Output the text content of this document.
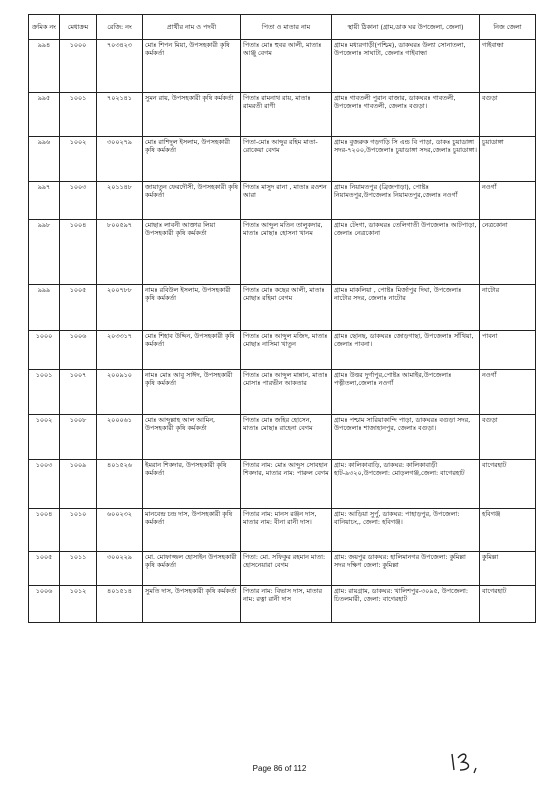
ক্রমিক নং	মেধাক্রম	রেজি: নং	প্রার্থীর নাম ও পদবী	পিতা ও মাতার নাম	স্থায়ী ঠিকানা (গ্রাম,ডাক ঘর উপজেলা, জেলা)	নিজ জেলা
৯৯৪	১০০০	৭০৩৪২৩	মোঃ শিপন মিয়া, উপসহকারী কৃষি কর্মকর্তা	পিতাঃ মোঃ হুবর আলী, মাতাঃ আঞ্জু বেগম	গ্রামঃ মধ্যরগাড়ী(পশ্চিম), ডাকঘরঃ উল্যা সোনাতলা, উপজেলাঃ সাঘাটা, জেলাঃ গাইবান্ধা	গাইবান্ধা
৯৯৫	১০০১	৭০২১৪১	সুমন রায়, উপসহকারী কৃষি কর্মকর্তা	পিতাঃ রামনাথ রায়, মাতাঃ রামরতী রাণী	গ্রামঃ গাবতলী পুরান বাজার, ডাকঘরঃ গাবতলী, উপজেলাঃ গাবতলী, জেলাঃ বগুড়া।	বগুড়া
৯৯৬	১০০২	৩০০২৭৯	মোঃ রাশিদুল ইসলাম, উপসহকারী কৃষি কর্মকর্তা	পিতা-মোঃ আব্দুর রহিম মাতা-রোকেয়া বেগম	গ্রামঃ বুজরুক গড়গড়ি সি এন্ড বি পাড়া, ডাকঃ চুয়াডাঙ্গা সদর-৭২০০,উপজেলাঃ চুয়াডাঙ্গা সদর,জেলাঃ চুয়াডাঙ্গা।	চুয়াডাঙ্গা
৯৯৭	১০০৩	২০১১৪৮	জায়াতুন ফেরদৌসী, উপসহকারী কৃষি কর্মকর্তা	পিতাঃ মাসুদ রানা , মাতাঃ রওশন আরা	গ্রামঃ নিয়ামতপুর (ব্রিজপাড়া), পোষ্টঃ নিয়ামতপুর,উপজেলাঃ নিয়ামতপুর,জেলাঃ নওগাঁ	নওগাঁ
৯৯৮	১০০৪	৮০০৫৯৭	মোছাঃ লাবনী আক্তার লিয়া উপসহকারী কৃষি কর্মকর্তা	পিতাঃ আব্দুল মতিন তালুকদার, মাতাঃ মোছাঃ হোসনা খানম	গ্রামঃ টেংগা, ডাকঘরঃ তেলিগাতী উপজেলাঃ আটপাড়া, জেলাঃ নেত্রকোনা	নেত্রকোনা
৯৯৯	১০০৫	২০০৭৮৮	নামঃ রবিউল ইসলাম, উপসহকারী কৃষি কর্মকর্তা	পিতাঃ মোঃ কছের আলী, মাতাঃ মোছাঃ রহিমা বেগম	গ্রামঃ মাকলিয়া , পোষ্টঃ মির্জাপুর দিঘা, উপজেলাঃ নাটোর সদর, জেলাঃ নাটোর	নাটোর
১০০০	১০০৬	২০৩৩১৭	মোঃ শিহাব উদ্দিন, উপসহকারী কৃষি কর্মকর্তা	পিতাঃ মোঃ আব্দুল মজিদ, মাতাঃ মোছাঃ নাসিমা খাতুন	গ্রামঃ ছোনছ, ডাকঘরঃ জোড়গাছা, উপজেলাঃ সাঁথিয়া, জেলাঃ পাবনা।	পাবনা
১০০১	১০০৭	২০০৯১০	নামঃ মোঃ আবু সাঈদ, উপসহকারী কৃষি কর্মকর্তা	পিতাঃ মোঃ আব্দুল মান্নান, মাতাঃ মোসাঃ পারভীন আকতার	গ্রামঃ উত্তর দুর্গাপুর,পোষ্টঃ আমাইর,উপজেলাঃ পত্নীতলা,জেলাঃ নওগাঁ	নওগাঁ
১০০২	১০০৮	২০০০৬১	মোঃ আব্দুল্লাহ আল আমিন, উপসহকারী কৃষি কর্মকর্তা	পিতাঃ মোঃ জহির হোসেন, মাতাঃ মোছাঃ রাহেনা বেগম	গ্রামঃ পশ্চাম সারিয়াকান্দি পাড়া, ডাকঘরঃ বগুড়া সদর, উপজেলাঃ শাজাহানপুর, জেলাঃ বগুড়া।	বগুড়া
১০০৩	১০০৯	৪০১৫২৬	ইমরান শিকদার, উপসহকারী কৃষি কর্মকর্তা	পিতার নাম: মোঃ আব্দুস সোবহান শিকদার, মাতার নাম: পারুল বেগম	গ্রাম: কালিকাবাড়ি, ডাকঘর: কালিকাবাড়ী হাট-৯৩২০,উপজেলা: মোড়লগঞ্জ,জেলা: বাগেরহাট	বাগেরহাট
১০০৪	১০১০	৬০০২৩২	মানবেন্দ্র চন্দ্র দাস, উপসহকারী কৃষি কর্মকর্তা	পিতার নাম: মানস রঞ্জন দাস, মাতার নাম: বীনা রানী দাস।	গ্রাম: আড়িয়া সুর্পু, ডাকঘর: পাহাড়পুর, উপজেলা: বানিয়াচং,, জেলা: হবিগঞ্জ।	হবিগঞ্জ
১০০৫	১০১১	৩০০২২৯	মো. মোফাজ্জল হোসাইন উপসহকারী কৃষি কর্মকর্তা	পিতা: মো. সফিকুর রহমান মাতা: হোসনেয়ারা বেগম	গ্রাম: জয়পুর ডাকঘর: হালিমানগর উপজেলা: কুমিল্লা সদর দক্ষিণ জেলা: কুমিল্লা	কুমিল্লা
১০০৬	১০১২	৪০১৫১৪	সুমতি দাস, উপসহকারী কৃষি কর্মকর্তা	পিতার নাম: বিভাস দাস, মাতার নাম: রত্না রানী দাস	গ্রাম: রায়গ্রাম, ডাকঘর: খালিশপুর-৩০৯৫, উপজেলা: চিতলমারী, জেলা: বাগেরহাট	বাগেরহাট
Page 86 of 112
